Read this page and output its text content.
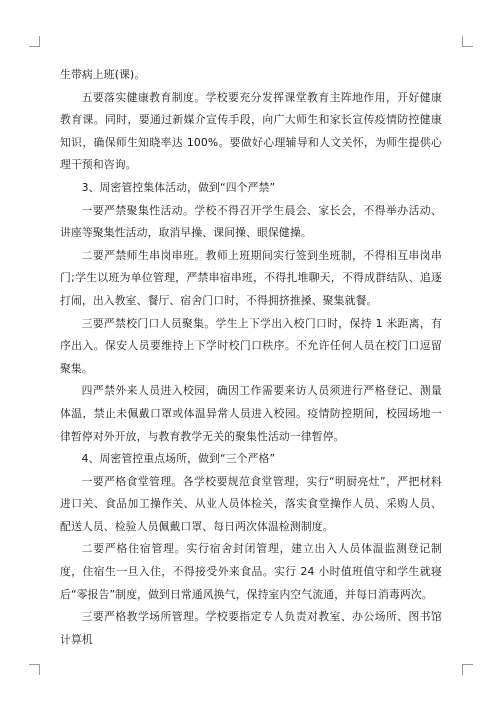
生带病上班(课)。

五要落实健康教育制度。学校要充分发挥课堂教育主阵地作用，开好健康教育课。同时，要通过新媒介宣传手段，向广大师生和家长宣传疫情防控健康知识，确保师生知晓率达 100%。要做好心理辅导和人文关怀，为师生提供心理干预和咨询。

3、周密管控集体活动，做到“四个严禁”

一要严禁聚集性活动。学校不得召开学生晨会、家长会，不得举办活动、讲座等聚集性活动，取消早操、课间操、眼保健操。

二要严禁师生串岗串班。教师上班期间实行签到坐班制，不得相互串岗串门;学生以班为单位管理，严禁串宿串班，不得扎堆聊天，不得成群结队、追逐打闹，出入教室、餐厅、宿舍门口时，不得拥挤推搡、聚集就餐。

三要严禁校门口人员聚集。学生上下学出入校门口时，保持 1 米距离，有序出入。保安人员要维持上下学时校门口秩序。不允许任何人员在校门口逗留聚集。

四严禁外来人员进入校园，确因工作需要来访人员须进行严格登记、测量体温，禁止未佩戴口罩或体温异常人员进入校园。疫情防控期间，校园场地一律暂停对外开放，与教育教学无关的聚集性活动一律暂停。

4、周密管控重点场所，做到“三个严格”

一要严格食堂管理。各学校要规范食堂管理，实行“明厨亮灶”，严把材料进口关、食品加工操作关、从业人员体检关，落实食堂操作人员、采购人员、配送人员、检验人员佩戴口罩、每日两次体温检测制度。

二要严格住宿管理。实行宿舍封闭管理，建立出入人员体温监测登记制度，住宿生一旦入住，不得接受外来食品。实行 24 小时值班值守和学生就寝后“零报告”制度，做到日常通风换气，保持室内空气流通，并每日消毒两次。

三要严格教学场所管理。学校要指定专人负责对教室、办公场所、图书馆计算机
